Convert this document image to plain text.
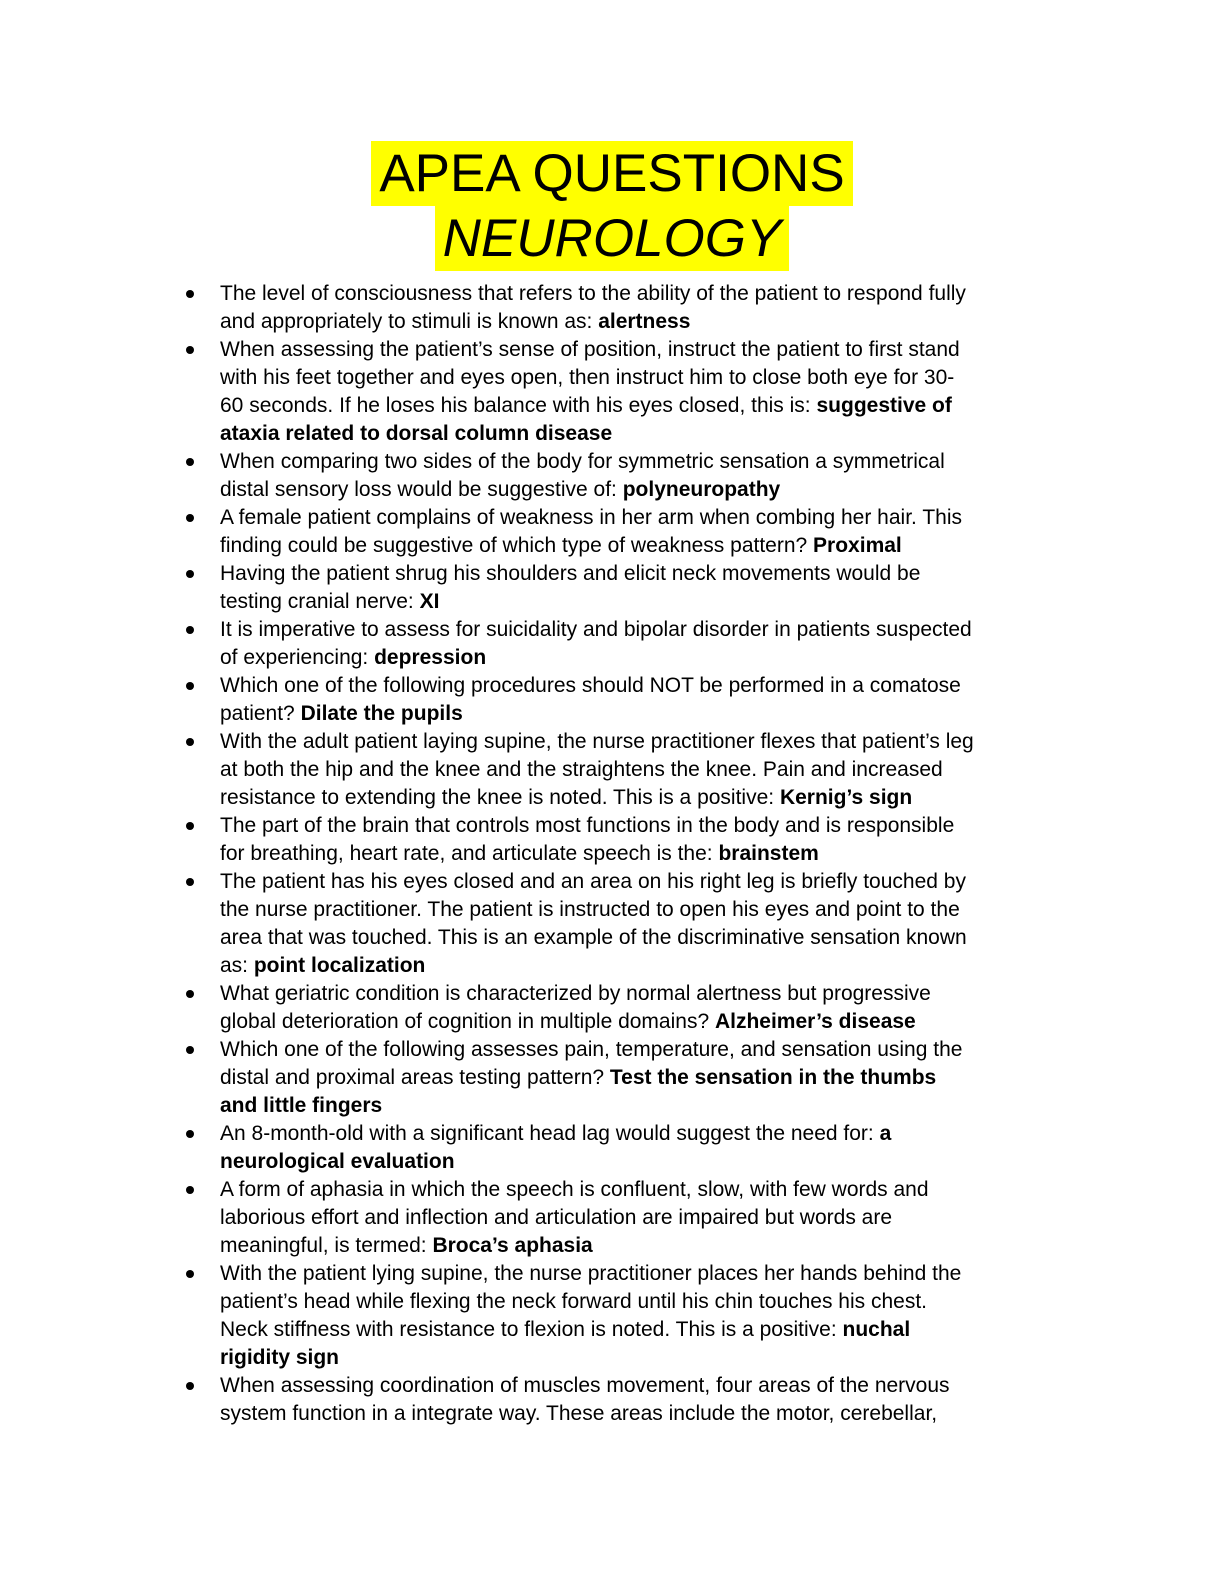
APEA QUESTIONS
NEUROLOGY
The level of consciousness that refers to the ability of the patient to respond fully
and appropriately to stimuli is known as: alertness
When assessing the patient’s sense of position, instruct the patient to first stand
with his feet together and eyes open, then instruct him to close both eye for 30-
60 seconds. If he loses his balance with his eyes closed, this is: suggestive of
ataxia related to dorsal column disease
When comparing two sides of the body for symmetric sensation a symmetrical
distal sensory loss would be suggestive of: polyneuropathy
A female patient complains of weakness in her arm when combing her hair. This
finding could be suggestive of which type of weakness pattern? Proximal
Having the patient shrug his shoulders and elicit neck movements would be
testing cranial nerve: XI
It is imperative to assess for suicidality and bipolar disorder in patients suspected
of experiencing: depression
Which one of the following procedures should NOT be performed in a comatose
patient? Dilate the pupils
With the adult patient laying supine, the nurse practitioner flexes that patient’s leg
at both the hip and the knee and the straightens the knee. Pain and increased
resistance to extending the knee is noted. This is a positive: Kernig’s sign
The part of the brain that controls most functions in the body and is responsible
for breathing, heart rate, and articulate speech is the: brainstem
The patient has his eyes closed and an area on his right leg is briefly touched by
the nurse practitioner. The patient is instructed to open his eyes and point to the
area that was touched. This is an example of the discriminative sensation known
as: point localization
What geriatric condition is characterized by normal alertness but progressive
global deterioration of cognition in multiple domains? Alzheimer’s disease
Which one of the following assesses pain, temperature, and sensation using the
distal and proximal areas testing pattern? Test the sensation in the thumbs
and little fingers
An 8-month-old with a significant head lag would suggest the need for: a
neurological evaluation
A form of aphasia in which the speech is confluent, slow, with few words and
laborious effort and inflection and articulation are impaired but words are
meaningful, is termed: Broca’s aphasia
With the patient lying supine, the nurse practitioner places her hands behind the
patient’s head while flexing the neck forward until his chin touches his chest.
Neck stiffness with resistance to flexion is noted. This is a positive: nuchal
rigidity sign
When assessing coordination of muscles movement, four areas of the nervous
system function in a integrate way. These areas include the motor, cerebellar,
